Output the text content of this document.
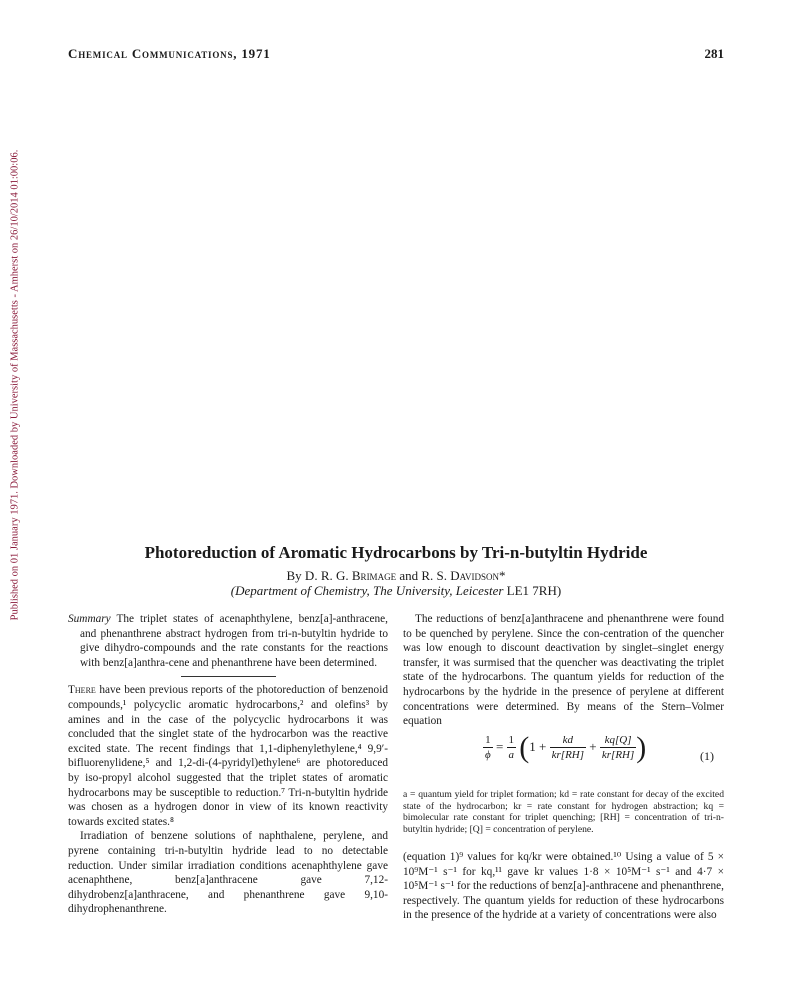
Published on 01 January 1971. Downloaded by University of Massachusetts - Amherst on 26/10/2014 01:00:06.
Chemical Communications, 1971	281
Photoreduction of Aromatic Hydrocarbons by Tri-n-butyltin Hydride
By D. R. G. Brimage and R. S. Davidson*
(Department of Chemistry, The University, Leicester LE1 7RH)

Summary The triplet states of acenaphthylene, benz[a]-anthracene, and phenanthrene abstract hydrogen from tri-n-butyltin hydride to give dihydro-compounds and the rate constants for the reactions with benz[a]anthra-cene and phenanthrene have been determined.

There have been previous reports of the photoreduction of benzenoid compounds,¹ polycyclic aromatic hydrocarbons,² and olefins³ by amines and in the case of the polycyclic hydrocarbons it was concluded that the singlet state of the hydrocarbon was the reactive excited state. The recent findings that 1,1-diphenylethylene,⁴ 9,9′-bifluorenylidene,⁵ and 1,2-di-(4-pyridyl)ethylene⁶ are photoreduced by iso-propyl alcohol suggested that the triplet states of aromatic hydrocarbons may be susceptible to reduction.⁷ Tri-n-butyltin hydride was chosen as a hydrogen donor in view of its known reactivity towards excited states.⁸

Irradiation of benzene solutions of naphthalene, perylene, and pyrene containing tri-n-butyltin hydride lead to no detectable reduction. Under similar irradiation conditions acenaphthylene gave acenaphthene, benz[a]anthracene gave 7,12-dihydrobenz[a]anthracene, and phenanthrene gave 9,10-dihydrophenanthrene.

The reductions of benz[a]anthracene and phenanthrene were found to be quenched by perylene. Since the con-centration of the quencher was low enough to discount deactivation by singlet–singlet energy transfer, it was surmised that the quencher was deactivating the triplet state of the hydrocarbons. The quantum yields for reduction of the hydrocarbons by the hydride in the presence of perylene at different concentrations were determined. By means of the Stern–Volmer equation

$\frac{1}{\phi} = \frac{1}{a} (1 + \frac{kd}{kr[RH]} + \frac{kq[Q]}{kr[RH]}$ )	(1)

a = quantum yield for triplet formation; kd = rate constant for decay of the excited state of the hydrocarbon; kr = rate constant for hydrogen abstraction; kq = bimolecular rate constant for triplet quenching; [RH] = concentration of tri-n-butyltin hydride; [Q] = concentration of perylene.

(equation 1)⁹ values for kq/kr were obtained.¹⁰ Using a value of 5 × 10⁹M⁻¹ s⁻¹ for kq,¹¹ gave kr values 1·8 × 10⁵M⁻¹ s⁻¹ and 4·7 × 10⁵M⁻¹ s⁻¹ for the reductions of benz[a]-anthracene and phenanthrene, respectively. The quantum yields for reduction of these hydrocarbons in the presence of the hydride at a variety of concentrations were also
